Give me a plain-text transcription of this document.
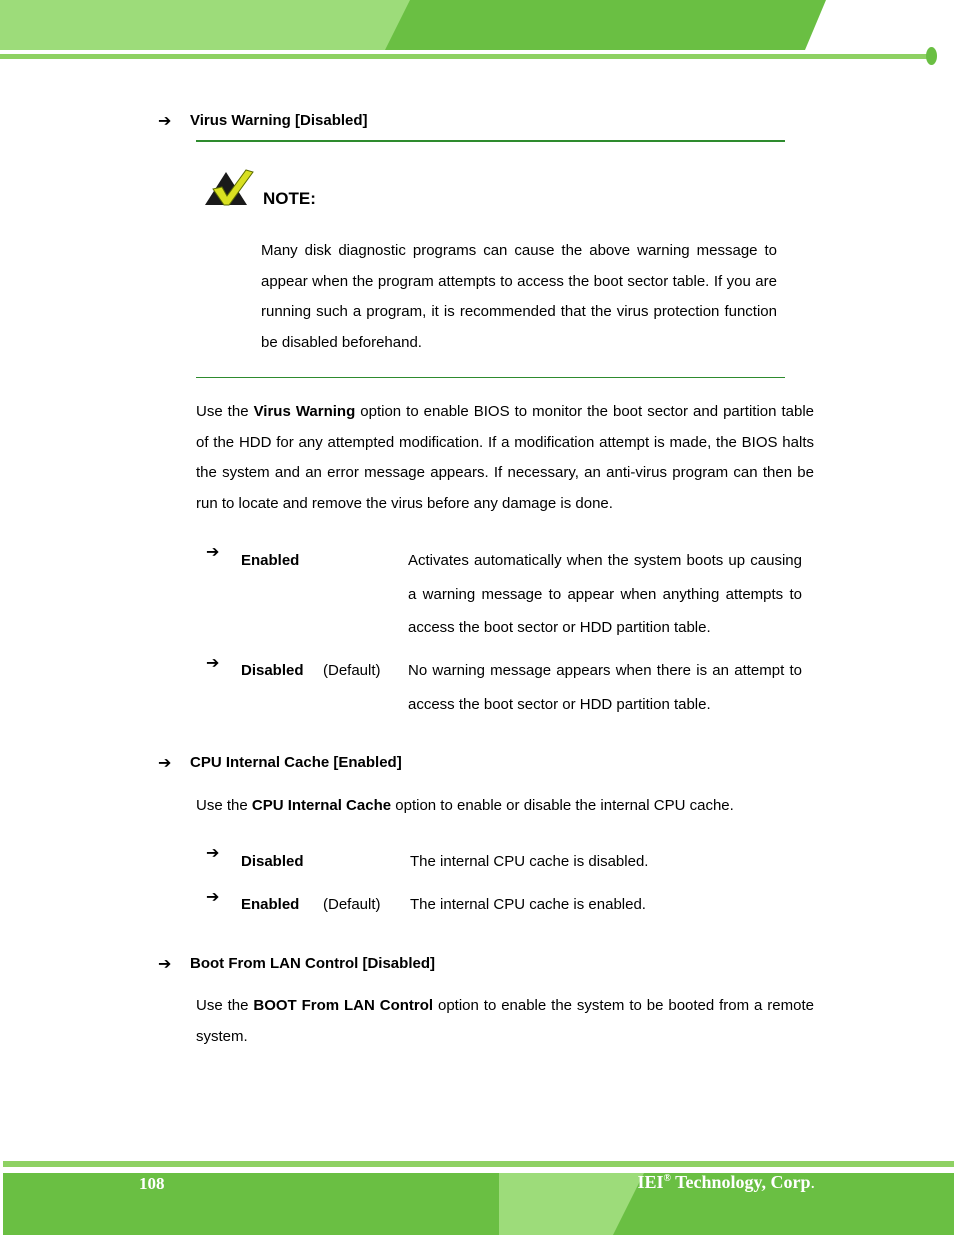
➔ Virus Warning [Disabled]
NOTE:

Many disk diagnostic programs can cause the above warning message to appear when the program attempts to access the boot sector table. If you are running such a program, it is recommended that the virus protection function be disabled beforehand.

Use the Virus Warning option to enable BIOS to monitor the boot sector and partition table of the HDD for any attempted modification. If a modification attempt is made, the BIOS halts the system and an error message appears. If necessary, an anti-virus program can then be run to locate and remove the virus before any damage is done.

➔ Enabled	Activates automatically when the system boots up causing a warning message to appear when anything attempts to access the boot sector or HDD partition table.

➔ Disabled (Default) No warning message appears when there is an attempt to access the boot sector or HDD partition table.

➔ CPU Internal Cache [Enabled]

Use the CPU Internal Cache option to enable or disable the internal CPU cache.

➔ Disabled	The internal CPU cache is disabled.

➔ Enabled (Default) The internal CPU cache is enabled.

➔ Boot From LAN Control [Disabled]

Use the BOOT From LAN Control option to enable the system to be booted from a remote system.

108	IEI® Technology, Corp.
